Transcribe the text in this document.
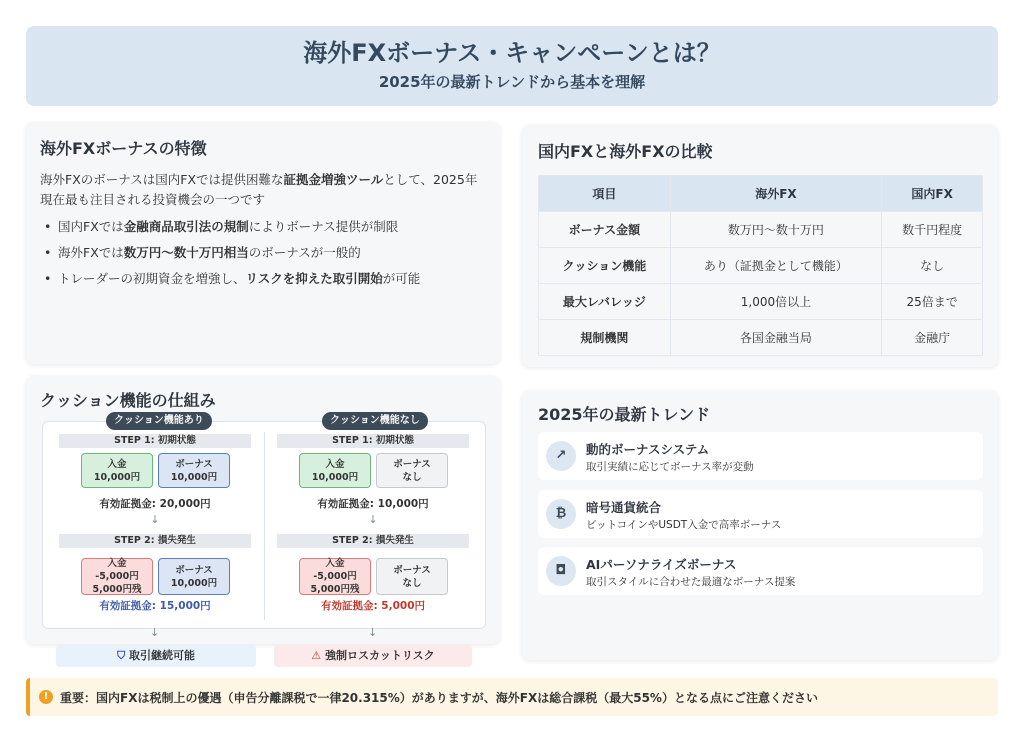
海外FXボーナス・キャンペーンとは？
2025年の最新トレンドから基本を理解
海外FXボーナスの特徴

海外FXのボーナスは国内FXでは提供困難な証拠金増強ツールとして、2025年現在最も注目される投資機会の一つです

• 国内FXでは金融商品取引法の規制によりボーナス提供が制限
• 海外FXでは数万円〜数十万円相当のボーナスが一般的
• トレーダーの初期資金を増強し、リスクを抑えた取引開始が可能
国内FXと海外FXの比較
項目	海外FX	国内FX
ボーナス金額	数万円〜数十万円	数千円程度
クッション機能	あり（証拠金として機能）	なし
最大レバレッジ	1,000倍以上	25倍まで
規制機関	各国金融当局	金融庁
クッション機能の仕組み
クッション機能あり
STEP 1: 初期状態
入金
10,000円
ボーナス
10,000円
有効証拠金: 20,000円
↓
STEP 2: 損失発生
入金
-5,000円
5,000円残
ボーナス
10,000円
有効証拠金: 15,000円
クッション機能なし
STEP 1: 初期状態
入金
10,000円
ボーナス
なし
有効証拠金: 10,000円
↓
STEP 2: 損失発生
入金
-5,000円
5,000円残
ボーナス
なし
有効証拠金: 5,000円
↓	↓
⛉ 取引継続可能	⚠ 強制ロスカットリスク
2025年の最新トレンド
↗	動的ボーナスシステム
取引実績に応じてボーナス率が変動
₿	暗号通貨統合
ビットコインやUSDT入金で高率ボーナス
◘	AIパーソナライズボーナス
取引スタイルに合わせた最適なボーナス提案
! 重要：国内FXは税制上の優遇（申告分離課税で一律20.315%）がありますが、海外FXは総合課税（最大55%）となる点にご注意ください
